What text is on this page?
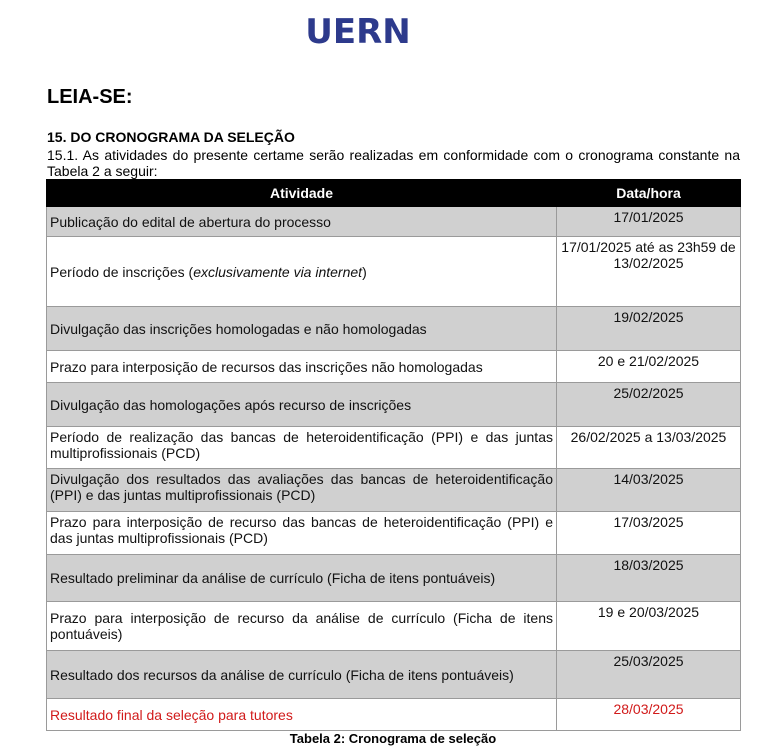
UERN
LEIA-SE:
15. DO CRONOGRAMA DA SELEÇÃO
15.1. As atividades do presente certame serão realizadas em conformidade com o cronograma constante na Tabela 2 a seguir:
Atividade	Data/hora
Publicação do edital de abertura do processo	17/01/2025
Período de inscrições (exclusivamente via internet)	17/01/2025 até as 23h59 de 13/02/2025
Divulgação das inscrições homologadas e não homologadas	19/02/2025
Prazo para interposição de recursos das inscrições não homologadas	20 e 21/02/2025
Divulgação das homologações após recurso de inscrições	25/02/2025
Período de realização das bancas de heteroidentificação (PPI) e das juntas multiprofissionais (PCD)	26/02/2025 a 13/03/2025
Divulgação dos resultados das avaliações das bancas de heteroidentificação (PPI) e das juntas multiprofissionais (PCD)	14/03/2025
Prazo para interposição de recurso das bancas de heteroidentificação (PPI) e das juntas multiprofissionais (PCD)	17/03/2025
Resultado preliminar da análise de currículo (Ficha de itens pontuáveis)	18/03/2025
Prazo para interposição de recurso da análise de currículo (Ficha de itens pontuáveis)	19 e 20/03/2025
Resultado dos recursos da análise de currículo (Ficha de itens pontuáveis)	25/03/2025
Resultado final da seleção para tutores	28/03/2025
Tabela 2: Cronograma de seleção
